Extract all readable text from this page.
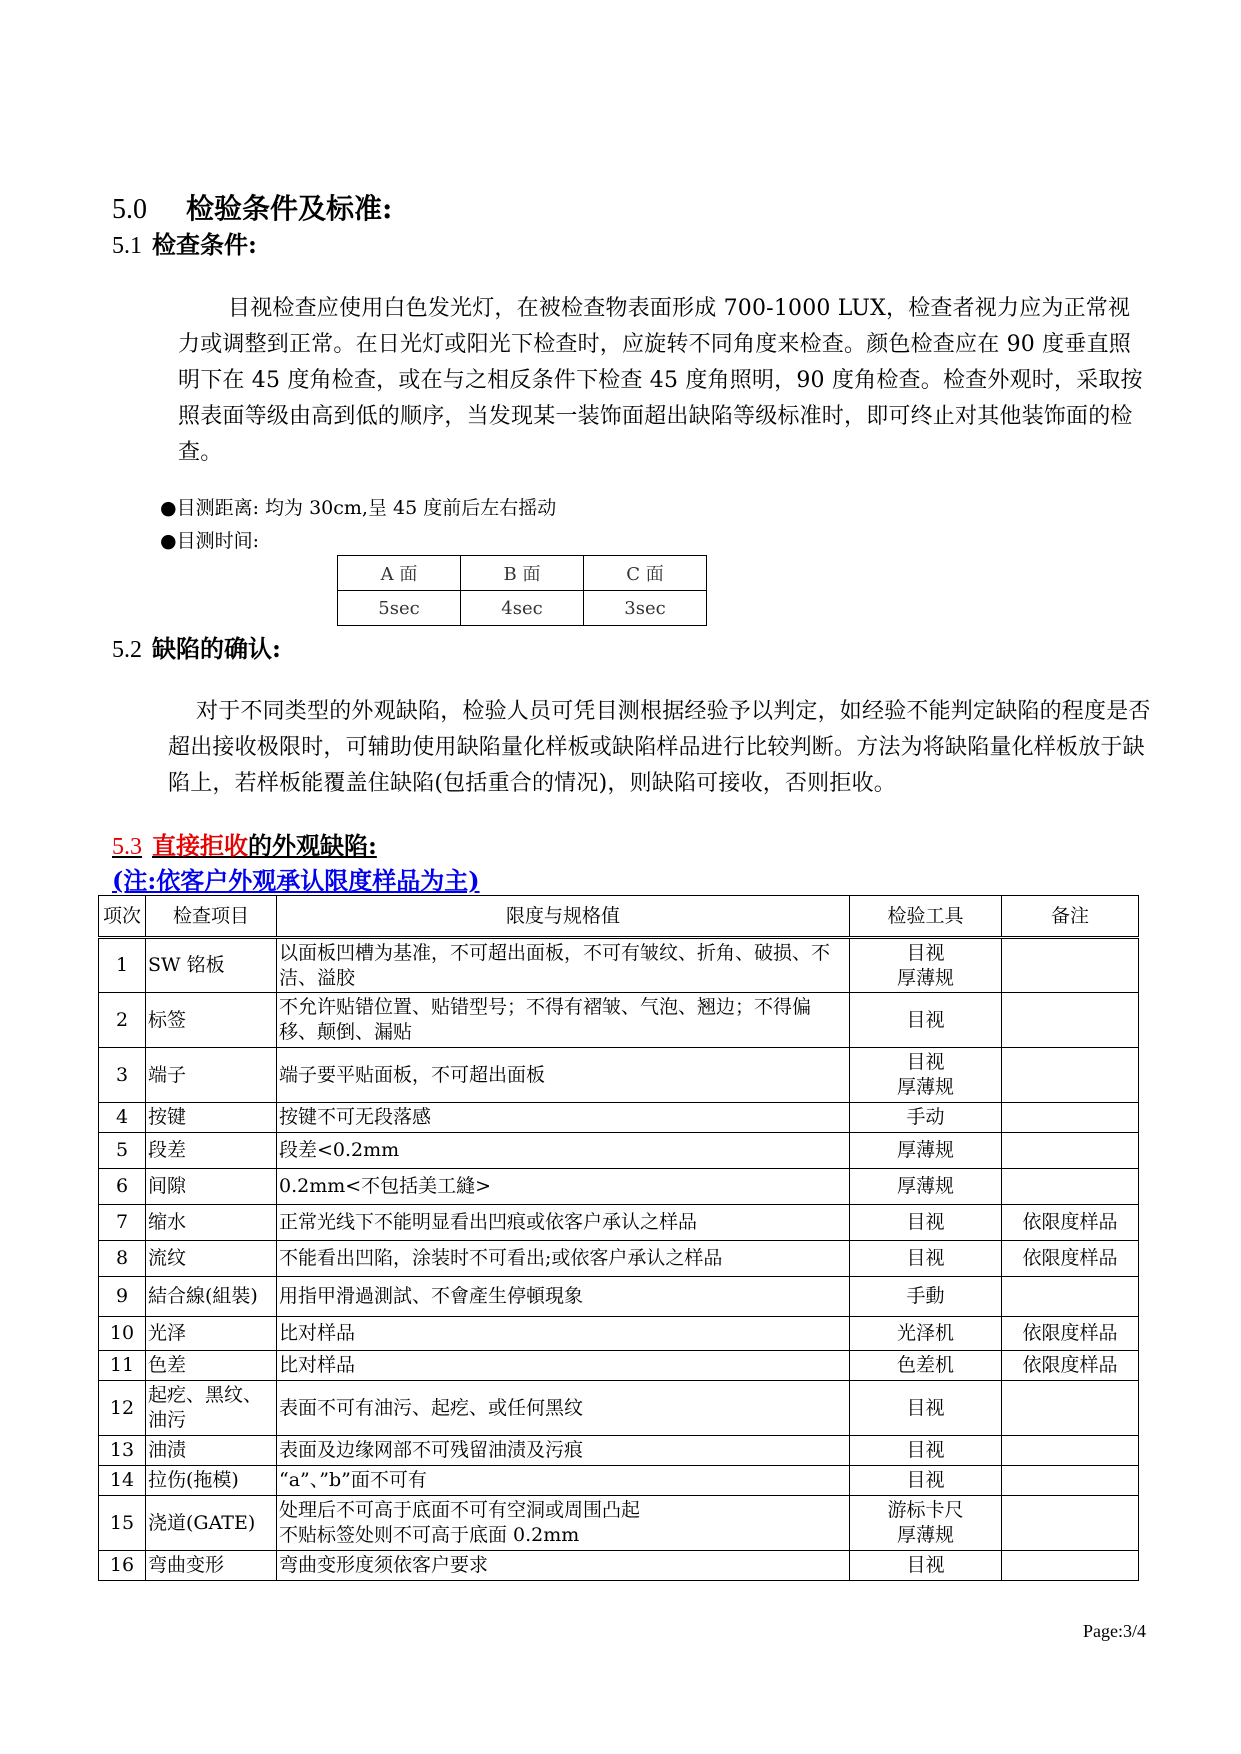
5.0 检验条件及标准:
5.1 检查条件:
目视检查应使用白色发光灯，在被检查物表面形成 700-1000 LUX，检查者视力应为正常视力或调整到正常。在日光灯或阳光下检查时，应旋转不同角度来检查。颜色检查应在 90 度垂直照明下在 45 度角检查，或在与之相反条件下检查 45 度角照明，90 度角检查。检查外观时，采取按照表面等级由高到低的顺序，当发现某一装饰面超出缺陷等级标准时，即可终止对其他装饰面的检查。
●目测距离: 均为 30cm,呈 45 度前后左右摇动
●目测时间:
A 面	B 面	C 面
5sec	4sec	3sec
5.2 缺陷的确认:
对于不同类型的外观缺陷，检验人员可凭目测根据经验予以判定，如经验不能判定缺陷的程度是否超出接收极限时，可辅助使用缺陷量化样板或缺陷样品进行比较判断。方法为将缺陷量化样板放于缺陷上，若样板能覆盖住缺陷(包括重合的情况)，则缺陷可接收，否则拒收。
5.3 直接拒收的外观缺陷:
(注:依客户外观承认限度样品为主)
项次	检查项目	限度与规格值	检验工具	备注
1	SW 铭板	以面板凹槽为基准，不可超出面板，不可有皱纹、折角、破损、不洁、溢胶	目视
厚薄规	
2	标签	不允许贴错位置、贴错型号；不得有褶皱、气泡、翘边；不得偏移、颠倒、漏贴	目视	
3	端子	端子要平贴面板，不可超出面板	目视
厚薄规	
4	按键	按键不可无段落感	手动	
5	段差	段差<0.2mm	厚薄规	
6	间隙	0.2mm<不包括美工縫>	厚薄规	
7	缩水	正常光线下不能明显看出凹痕或依客户承认之样品	目视	依限度样品
8	流纹	不能看出凹陷，涂装时不可看出;或依客户承认之样品	目视	依限度样品
9	結合線(組裝)	用指甲滑過測試、不會產生停頓現象	手動	
10	光泽	比对样品	光泽机	依限度样品
11	色差	比对样品	色差机	依限度样品
12	起疙、黑纹、油污	表面不可有油污、起疙、或任何黑纹	目视	
13	油渍	表面及边缘网部不可残留油渍及污痕	目视	
14	拉伤(拖模)	“a”、”b”面不可有	目视	
15	浇道(GATE)	处理后不可高于底面不可有空洞或周围凸起
不贴标签处则不可高于底面 0.2mm	游标卡尺
厚薄规	
16	弯曲变形	弯曲变形度须依客户要求	目视	
Page:3/4
